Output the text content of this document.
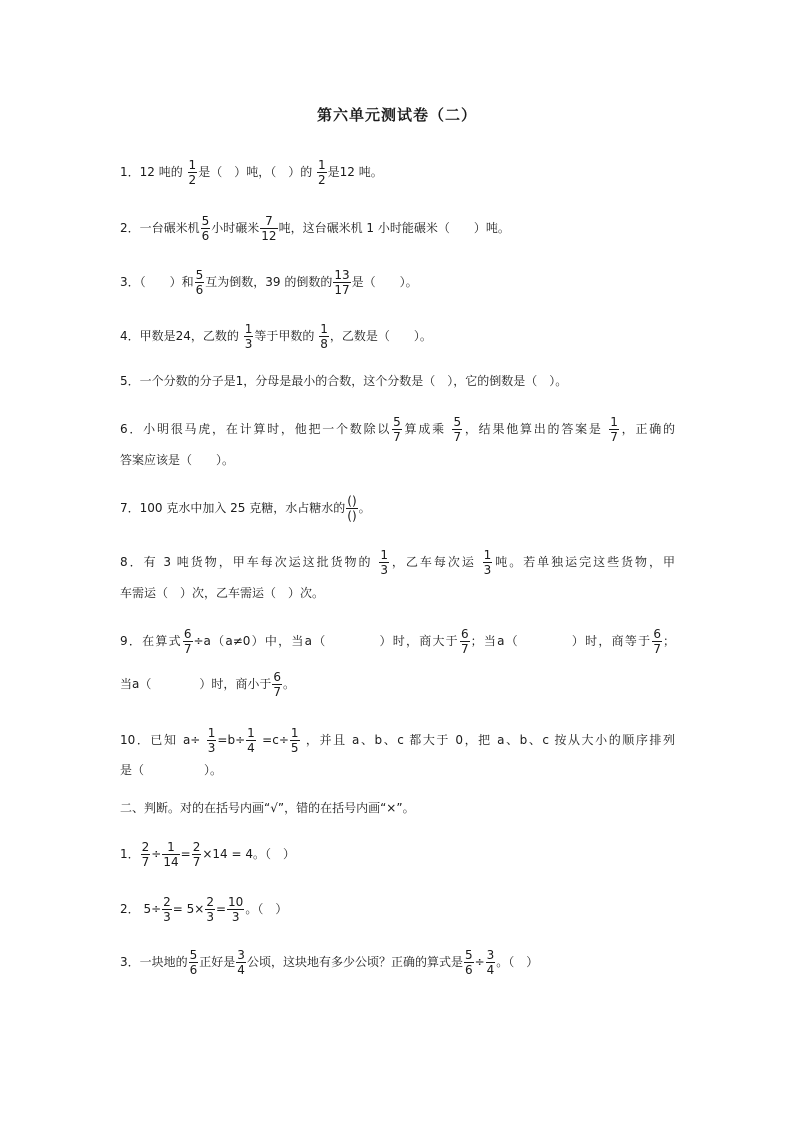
第六单元测试卷（二）
1．12 吨的 $\frac{1}{2}$ 是（　）吨，（　）的 $\frac{1}{2}$ 是12 吨。
2．一台碾米机 $\frac{5}{6}$ 小时碾米 $\frac{7}{12}$ 吨，这台碾米机 1 小时能碾米（　　）吨。
3．（　　）和 $\frac{5}{6}$ 互为倒数，39 的倒数的 $\frac{13}{17}$ 是（　　）。
4．甲数是24，乙数的 $\frac{1}{3}$ 等于甲数的 $\frac{1}{8}$ ，乙数是（　　）。
5．一个分数的分子是1，分母是最小的合数，这个分数是（　），它的倒数是（　）。
6．小明很马虎，在计算时，他把一个数除以 $\frac{5}{7}$ 算成乘 $\frac{5}{7}$ ，结果他算出的答案是 $\frac{1}{7}$ ，正确的
答案应该是（　　）。
7．100 克水中加入 25 克糖，水占糖水的 $\frac{()}{()}$ 。
8．有 3 吨货物，甲车每次运这批货物的 $\frac{1}{3}$ ，乙车每次运 $\frac{1}{3}$ 吨。若单独运完这些货物，甲
车需运（　）次，乙车需运（　）次。
9．在算式 $\frac{6}{7} \div a(a\ne 0)$中，当a（　　　　）时，商大于 $\frac{6}{7}$ ；当a（　　　　）时，商等于 $\frac{6}{7}$ ；
当a（　　　　）时，商小于 $\frac{6}{7}$ 。
10．已知 $a\div \frac{1}{3} =b\div \frac{1}{4} =c\div \frac{1}{5}$ ，并且 a、b、c 都大于 0，把 a、b、c 按从大小的顺序排列
是（　　　　　）。
二、判断。对的在括号内画“√”，错的在括号内画“×”。
1． $\frac{2}{7} \div \frac{1}{14} = \frac{2}{7} \times 14 = 4$。（　）
2． $5\div \frac{2}{3} = 5\times \frac{2}{3} = \frac{10}{3}$ 。（　）
3．一块地的 $\frac{5}{6}$ 正好是 $\frac{3}{4}$ 公顷，这块地有多少公顷？正确的算式是 $\frac{5}{6} \div \frac{3}{4}$ 。（　）
